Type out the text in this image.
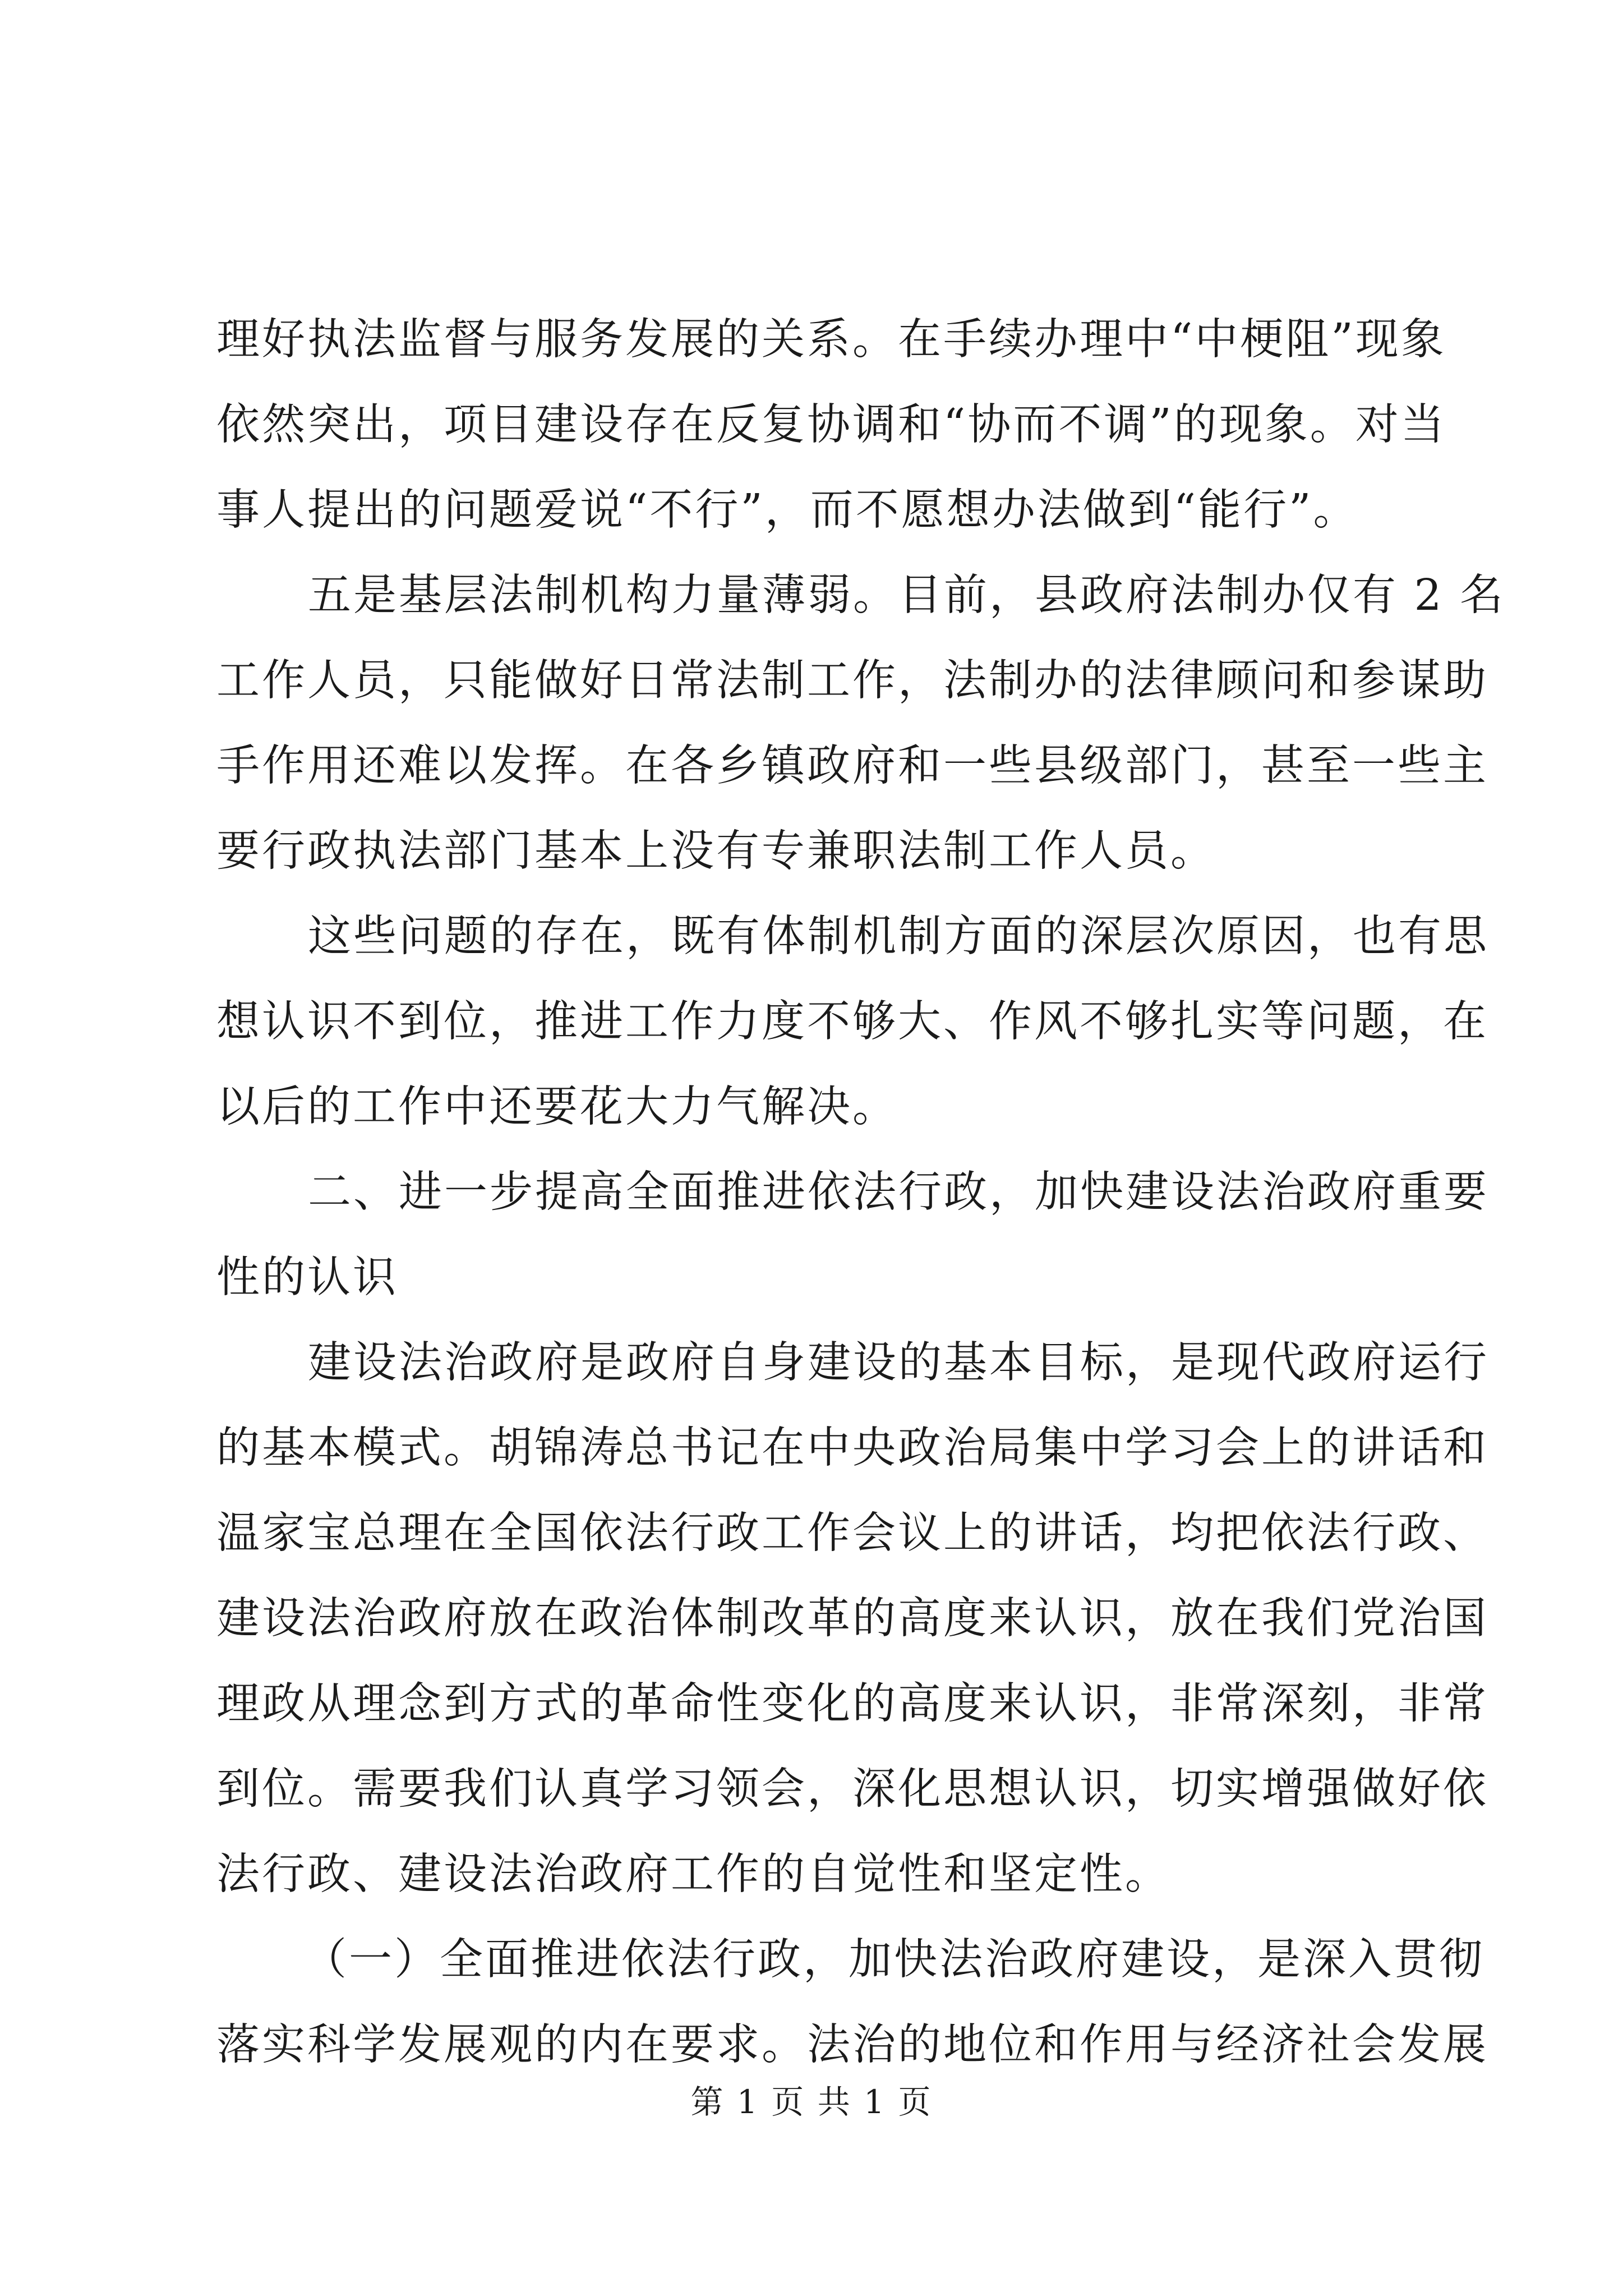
理好执法监督与服务发展的关系。在手续办理中“中梗阻”现象
依然突出，项目建设存在反复协调和“协而不调”的现象。对当
事人提出的问题爱说“不行”，而不愿想办法做到“能行”。
五是基层法制机构力量薄弱。目前，县政府法制办仅有 2 名
工作人员，只能做好日常法制工作，法制办的法律顾问和参谋助
手作用还难以发挥。在各乡镇政府和一些县级部门，甚至一些主
要行政执法部门基本上没有专兼职法制工作人员。
这些问题的存在，既有体制机制方面的深层次原因，也有思
想认识不到位，推进工作力度不够大、作风不够扎实等问题，在
以后的工作中还要花大力气解决。
二、进一步提高全面推进依法行政，加快建设法治政府重要
性的认识
建设法治政府是政府自身建设的基本目标，是现代政府运行
的基本模式。胡锦涛总书记在中央政治局集中学习会上的讲话和
温家宝总理在全国依法行政工作会议上的讲话，均把依法行政、
建设法治政府放在政治体制改革的高度来认识，放在我们党治国
理政从理念到方式的革命性变化的高度来认识，非常深刻，非常
到位。需要我们认真学习领会，深化思想认识，切实增强做好依
法行政、建设法治政府工作的自觉性和坚定性。
（一）全面推进依法行政，加快法治政府建设，是深入贯彻
落实科学发展观的内在要求。法治的地位和作用与经济社会发展
第 1 页 共 1 页
